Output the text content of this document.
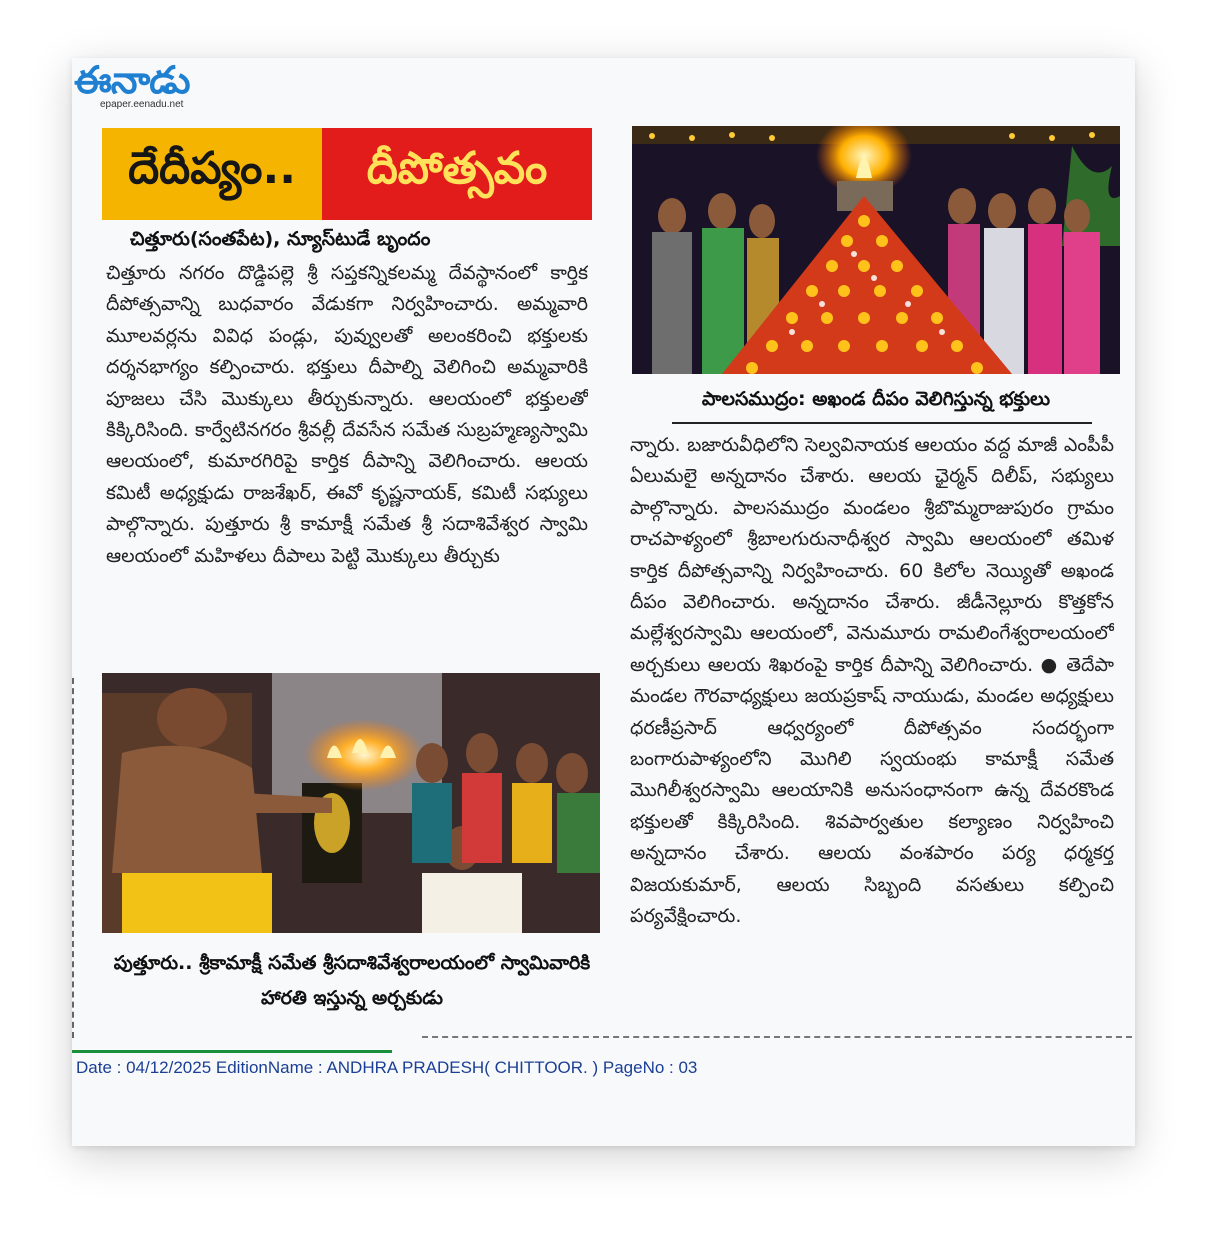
ఈనాడు
epaper.eenadu.net
దేదీప్యం..	దీపోత్సవం
చిత్తూరు(సంతపేట), న్యూస్‌టుడే బృందం
చిత్తూరు నగరం దొడ్డిపల్లె శ్రీ సప్తకన్నికలమ్మ దేవస్థానంలో కార్తిక దీపోత్సవాన్ని బుధవారం వేడుకగా నిర్వహించారు. అమ్మవారి మూలవర్లను వివిధ పండ్లు, పువ్వులతో అలంకరించి భక్తులకు దర్శనభాగ్యం కల్పించారు. భక్తులు దీపాల్ని వెలిగించి అమ్మవారికి పూజలు చేసి మొక్కులు తీర్చుకున్నారు. ఆలయంలో భక్తులతో కిక్కిరిసింది. కార్వేటినగరం శ్రీవల్లీ దేవసేన సమేత సుబ్రహ్మణ్యస్వామి ఆలయంలో, కుమారగిరిపై కార్తిక దీపాన్ని వెలిగించారు. ఆలయ కమిటీ అధ్యక్షుడు రాజశేఖర్, ఈవో కృష్ణనాయక్, కమిటీ సభ్యులు పాల్గొన్నారు. పుత్తూరు శ్రీ కామాక్షీ సమేత శ్రీ సదాశివేశ్వర స్వామి ఆలయంలో మహిళలు దీపాలు పెట్టి మొక్కులు తీర్చుకు
పాలసముద్రం: అఖండ దీపం వెలిగిస్తున్న భక్తులు
న్నారు. బజారువీధిలోని సెల్వవినాయక ఆలయం వద్ద మాజీ ఎంపీపీ ఏలుమలై అన్నదానం చేశారు. ఆలయ ఛైర్మన్ దిలీప్, సభ్యులు పాల్గొన్నారు. పాలసముద్రం మండలం శ్రీబొమ్మరాజుపురం గ్రామం రాచపాళ్యంలో శ్రీబాలగురునాధీశ్వర స్వామి ఆలయంలో తమిళ కార్తిక దీపోత్సవాన్ని నిర్వహించారు. 60 కిలోల నెయ్యితో అఖండ దీపం వెలిగించారు. అన్నదానం చేశారు. జీడీనెల్లూరు కొత్తకోన మల్లేశ్వరస్వామి ఆలయంలో, వెనుమూరు రామలింగేశ్వరాలయంలో అర్చకులు ఆలయ శిఖరంపై కార్తిక దీపాన్ని వెలిగించారు. ● తెదేపా మండల గౌరవాధ్యక్షులు జయప్రకాష్ నాయుడు, మండల అధ్యక్షులు ధరణీప్రసాద్ ఆధ్వర్యంలో దీపోత్సవం సందర్భంగా బంగారుపాళ్యంలోని మొగిలి స్వయంభు కామాక్షీ సమేత మొగిలీశ్వరస్వామి ఆలయానికి అనుసంధానంగా ఉన్న దేవరకొండ భక్తులతో కిక్కిరిసింది. శివపార్వతుల కల్యాణం నిర్వహించి అన్నదానం చేశారు. ఆలయ వంశపారం పర్య ధర్మకర్త విజయకుమార్, ఆలయ సిబ్బంది వసతులు కల్పించి పర్యవేక్షించారు.
పుత్తూరు.. శ్రీకామాక్షీ సమేత శ్రీసదాశివేశ్వరాలయంలో స్వామివారికి హారతి ఇస్తున్న అర్చకుడు
Date : 04/12/2025 EditionName : ANDHRA PRADESH( CHITTOOR. ) PageNo : 03
